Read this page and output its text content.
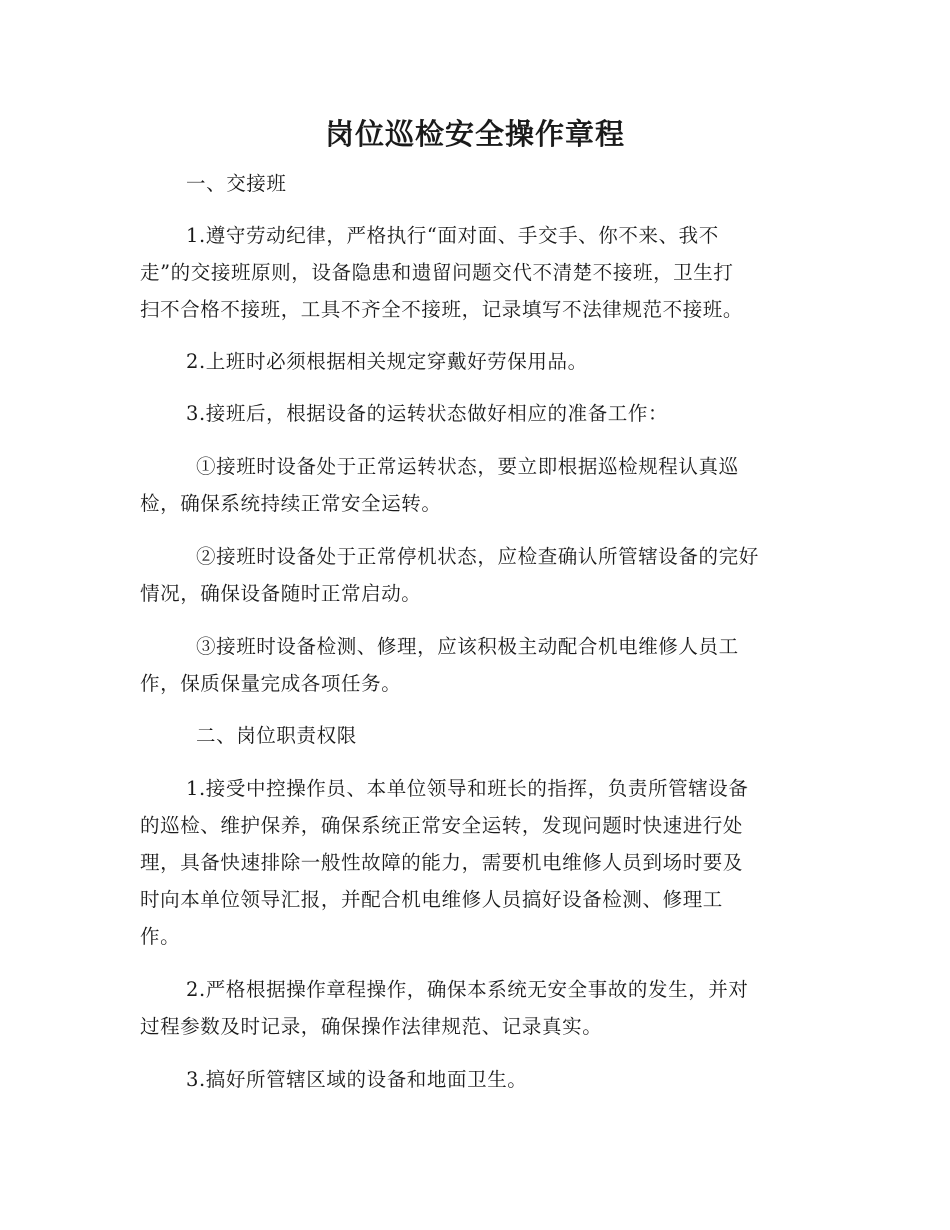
岗位巡检安全操作章程

一、交接班

1.遵守劳动纪律，严格执行“面对面、手交手、你不来、我不

走”的交接班原则，设备隐患和遗留问题交代不清楚不接班，卫生打

扫不合格不接班，工具不齐全不接班，记录填写不法律规范不接班。

2.上班时必须根据相关规定穿戴好劳保用品。

3.接班后，根据设备的运转状态做好相应的准备工作：

①接班时设备处于正常运转状态，要立即根据巡检规程认真巡

检，确保系统持续正常安全运转。

②接班时设备处于正常停机状态，应检查确认所管辖设备的完好

情况，确保设备随时正常启动。

③接班时设备检测、修理，应该积极主动配合机电维修人员工

作，保质保量完成各项任务。

二、岗位职责权限

1.接受中控操作员、本单位领导和班长的指挥，负责所管辖设备

的巡检、维护保养，确保系统正常安全运转，发现问题时快速进行处

理，具备快速排除一般性故障的能力，需要机电维修人员到场时要及

时向本单位领导汇报，并配合机电维修人员搞好设备检测、修理工

作。

2.严格根据操作章程操作，确保本系统无安全事故的发生，并对

过程参数及时记录，确保操作法律规范、记录真实。

3.搞好所管辖区域的设备和地面卫生。
